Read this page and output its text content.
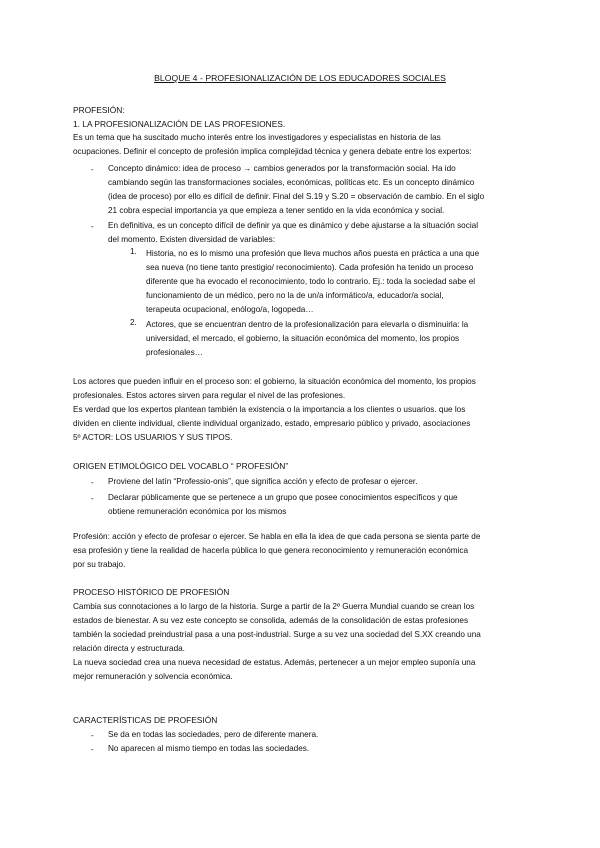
BLOQUE 4 - PROFESIONALIZACIÓN DE LOS EDUCADORES SOCIALES
PROFESIÓN:
1. LA PROFESIONALIZACIÓN DE LAS PROFESIONES.
Es un tema que ha suscitado mucho interés entre los investigadores y especialistas en historia de las
ocupaciones. Definir el concepto de profesión implica complejidad técnica y genera debate entre los expertos:
- Concepto dinámico: idea de proceso → cambios generados por la transformación social. Ha ido
cambiando según las transformaciones sociales, económicas, políticas etc. Es un concepto dinámico
(idea de proceso) por ello es difícil de definir. Final del S.19 y S.20 = observación de cambio. En el siglo
21 cobra especial importancia ya que empieza a tener sentido en la vida económica y social.
- En definitiva, es un concepto difícil de definir ya que es dinámico y debe ajustarse a la situación social
del momento. Existen diversidad de variables:
1. Historia, no es lo mismo una profesión que lleva muchos años puesta en práctica a una que
sea nueva (no tiene tanto prestigio/ reconocimiento). Cada profesión ha tenido un proceso
diferente que ha evocado el reconocimiento, todo lo contrario. Ej.: toda la sociedad sabe el
funcionamiento de un médico, pero no la de un/a informático/a, educador/a social,
terapeuta ocupacional, enólogo/a, logopeda…
2. Actores, que se encuentran dentro de la profesionalización para elevarla o disminuirla: la
universidad, el mercado, el gobierno, la situación económica del momento, los propios
profesionales…
Los actores que pueden influir en el proceso son: el gobierno, la situación económica del momento, los propios
profesionales. Estos actores sirven para regular el nivel de las profesiones.
Es verdad que los expertos plantean también la existencia o la importancia a los clientes o usuarios. que los
dividen en cliente individual, cliente individual organizado, estado, empresario público y privado, asociaciones
5º ACTOR: LOS USUARIOS Y SUS TIPOS.
ORIGEN ETIMOLÓGICO DEL VOCABLO “ PROFESIÓN”
- Proviene del latín “Professio-onis”, que significa acción y efecto de profesar o ejercer.
- Declarar públicamente que se pertenece a un grupo que posee conocimientos específicos y que
obtiene remuneración económica por los mismos
Profesión: acción y efecto de profesar o ejercer. Se habla en ella la idea de que cada persona se sienta parte de
esa profesión y tiene la realidad de hacerla pública lo que genera reconocimiento y remuneración económica
por su trabajo.
PROCESO HISTÓRICO DE PROFESIÓN
Cambia sus connotaciones a lo largo de la historia. Surge a partir de la 2º Guerra Mundial cuando se crean los
estados de bienestar. A su vez este concepto se consolida, además de la consolidación de estas profesiones
también la sociedad preindustrial pasa a una post-industrial. Surge a su vez una sociedad del S.XX creando una
relación directa y estructurada.
La nueva sociedad crea una nueva necesidad de estatus. Además, pertenecer a un mejor empleo suponía una
mejor remuneración y solvencia económica.
CARACTERÍSTICAS DE PROFESIÓN
- Se da en todas las sociedades, pero de diferente manera.
- No aparecen al mismo tiempo en todas las sociedades.
